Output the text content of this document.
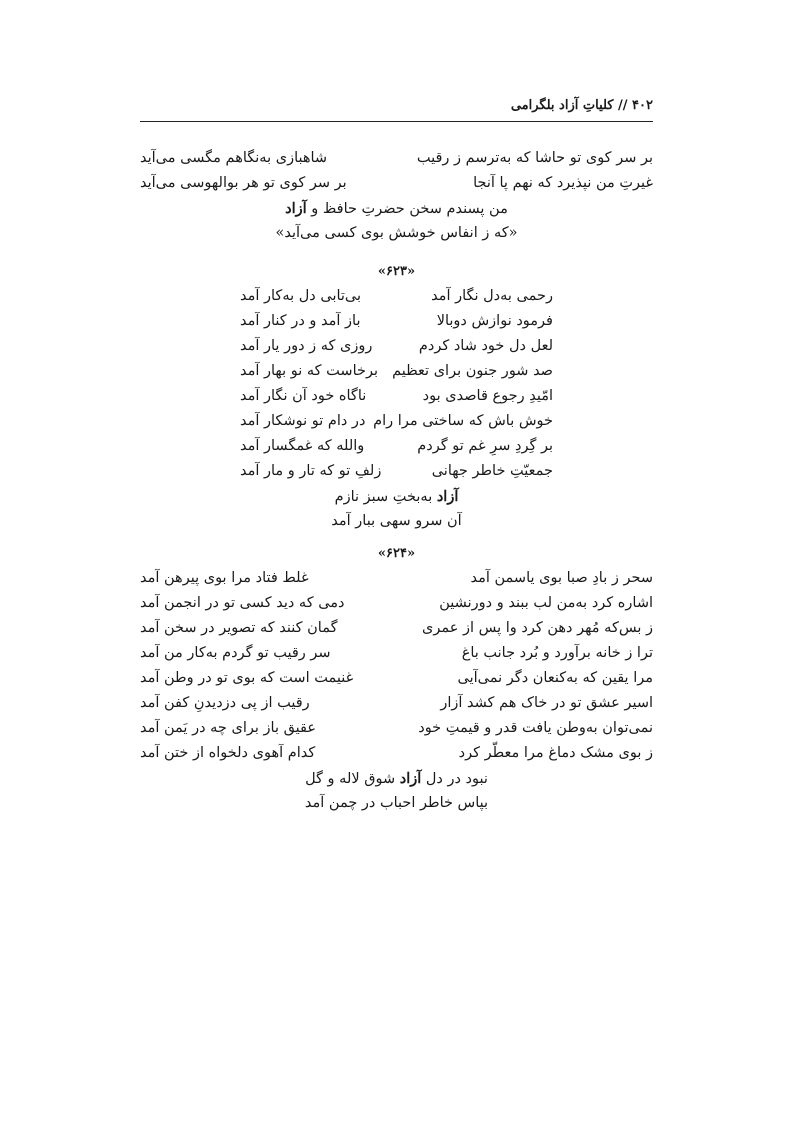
۴۰۲ // کلیاتِ آزاد بلگرامی
بر سر کوی تو حاشا که به‌ترسم ز رقیب
شاهبازی به‌نگاهم مگسی می‌آید
غیرتِ من نپذیرد که نهم پا آنجا
بر سر کوی تو هر بوالهوسی می‌آید
من پسندم سخن حضرتِ حافظ و آزاد
«که ز انفاس خوشش بوی کسی می‌آید»
«۶۲۳»
رحمی به‌دل نگار آمد
بی‌تابی دل به‌کار آمد
فرمود نوازش دوبالا
باز آمد و در کنار آمد
لعل دل خود شاد کردم
روزی که ز دور یار آمد
صد شور جنون برای تعظیم
برخاست که نو بهار آمد
امّیدِ رجوع قاصدی بود
ناگاه خود آن نگار آمد
خوش باش که ساختی مرا رام
در دام تو نوشکار آمد
بر گِردِ سرِ غم تو گردم
والله که غمگسار آمد
جمعیّتِ خاطر جهانی
زلفِ تو که تار و مار آمد
آزاد به‌بختِ سبز نازم
آن سرو سهی ببار آمد
«۶۲۴»
سحر ز بادِ صبا بوی یاسمن آمد
غلط فتاد مرا بوی پیرهن آمد
اشاره کرد به‌من لب ببند و دورنشین
دمی که دید کسی تو در انجمن آمد
ز بس‌که مُهر دهن کرد وا پس از عمری
گمان کنند که تصویر در سخن آمد
ترا ز خانه برآورد و بُرد جانب باغ
سر رقیب تو گردم به‌کار من آمد
مرا یقین که به‌کنعان دگر نمی‌آیی
غنیمت است که بوی تو در وطن آمد
اسیر عشق تو در خاک هم کشد آزار
رقیب از پی دزدیدنِ کفن آمد
نمی‌توان به‌وطن یافت قدر و قیمتِ خود
عقیق باز برای چه در یَمن آمد
ز بوی مشک دماغ مرا معطّر کرد
کدام آهوی دلخواه از ختن آمد
نبود در دل آزاد شوق لاله و گل
بپاس خاطر احباب در چمن آمد
